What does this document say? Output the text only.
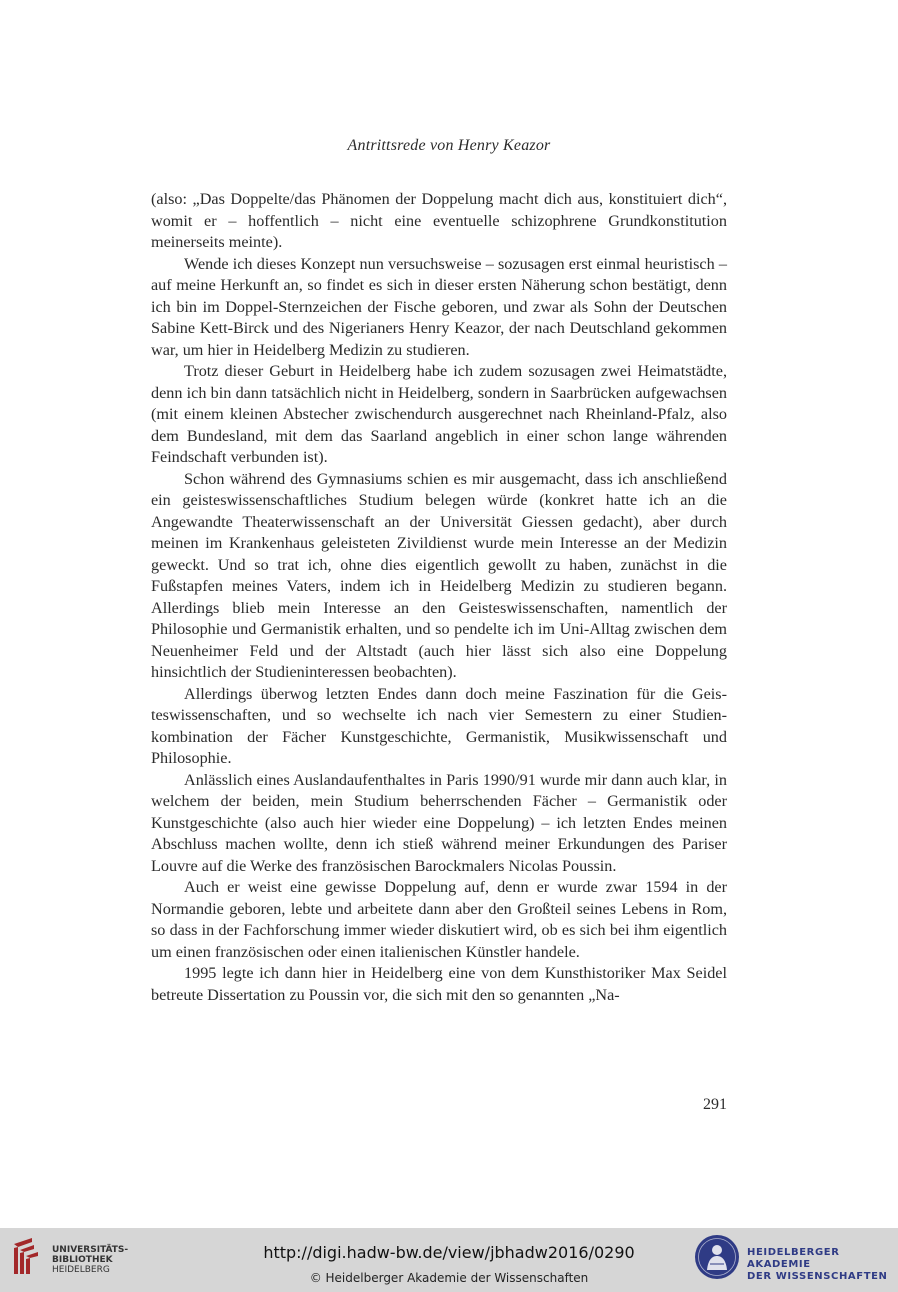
Antrittsrede von Henry Keazor

(also: „Das Doppelte/das Phänomen der Doppelung macht dich aus, konstituiert dich“, womit er – hoffentlich – nicht eine eventuelle schizophrene Grundkonstitution meinerseits meinte).

Wende ich dieses Konzept nun versuchsweise – sozusagen erst einmal heuristisch – auf meine Herkunft an, so findet es sich in dieser ersten Näherung schon bestätigt, denn ich bin im Doppel-Sternzeichen der Fische geboren, und zwar als Sohn der Deutschen Sabine Kett-Birck und des Nigerianers Henry Keazor, der nach Deutschland gekommen war, um hier in Heidelberg Medizin zu studieren.

Trotz dieser Geburt in Heidelberg habe ich zudem sozusagen zwei Heimatstädte, denn ich bin dann tatsächlich nicht in Heidelberg, sondern in Saarbrücken aufgewachsen (mit einem kleinen Abstecher zwischendurch ausgerechnet nach Rheinland-Pfalz, also dem Bundesland, mit dem das Saarland angeblich in einer schon lange währenden Feindschaft verbunden ist).

Schon während des Gymnasiums schien es mir ausgemacht, dass ich anschließend ein geisteswissenschaftliches Studium belegen würde (konkret hatte ich an die Angewandte Theaterwissenschaft an der Universität Giessen gedacht), aber durch meinen im Krankenhaus geleisteten Zivildienst wurde mein Interesse an der Medizin geweckt. Und so trat ich, ohne dies eigentlich gewollt zu haben, zunächst in die Fußstapfen meines Vaters, indem ich in Heidelberg Medizin zu studieren begann. Allerdings blieb mein Interesse an den Geisteswissenschaften, namentlich der Philosophie und Germanistik erhalten, und so pendelte ich im Uni-Alltag zwischen dem Neuenheimer Feld und der Altstadt (auch hier lässt sich also eine Doppelung hinsichtlich der Studieninteressen beobachten).

Allerdings überwog letzten Endes dann doch meine Faszination für die Geisteswissenschaften, und so wechselte ich nach vier Semestern zu einer Studienkombination der Fächer Kunstgeschichte, Germanistik, Musikwissenschaft und Philosophie.

Anlässlich eines Auslandaufenthaltes in Paris 1990/91 wurde mir dann auch klar, in welchem der beiden, mein Studium beherrschenden Fächer – Germanistik oder Kunstgeschichte (also auch hier wieder eine Doppelung) – ich letzten Endes meinen Abschluss machen wollte, denn ich stieß während meiner Erkundungen des Pariser Louvre auf die Werke des französischen Barockmalers Nicolas Poussin.

Auch er weist eine gewisse Doppelung auf, denn er wurde zwar 1594 in der Normandie geboren, lebte und arbeitete dann aber den Großteil seines Lebens in Rom, so dass in der Fachforschung immer wieder diskutiert wird, ob es sich bei ihm eigentlich um einen französischen oder einen italienischen Künstler handele.

1995 legte ich dann hier in Heidelberg eine von dem Kunsthistoriker Max Seidel betreute Dissertation zu Poussin vor, die sich mit den so genannten „Na-

291
UNIVERSITÄTS-
BIBLIOTHEK
HEIDELBERG
http://digi.hadw-bw.de/view/jbhadw2016/0290
© Heidelberger Akademie der Wissenschaften
HEIDELBERGER AKADEMIE
DER WISSENSCHAFTEN
